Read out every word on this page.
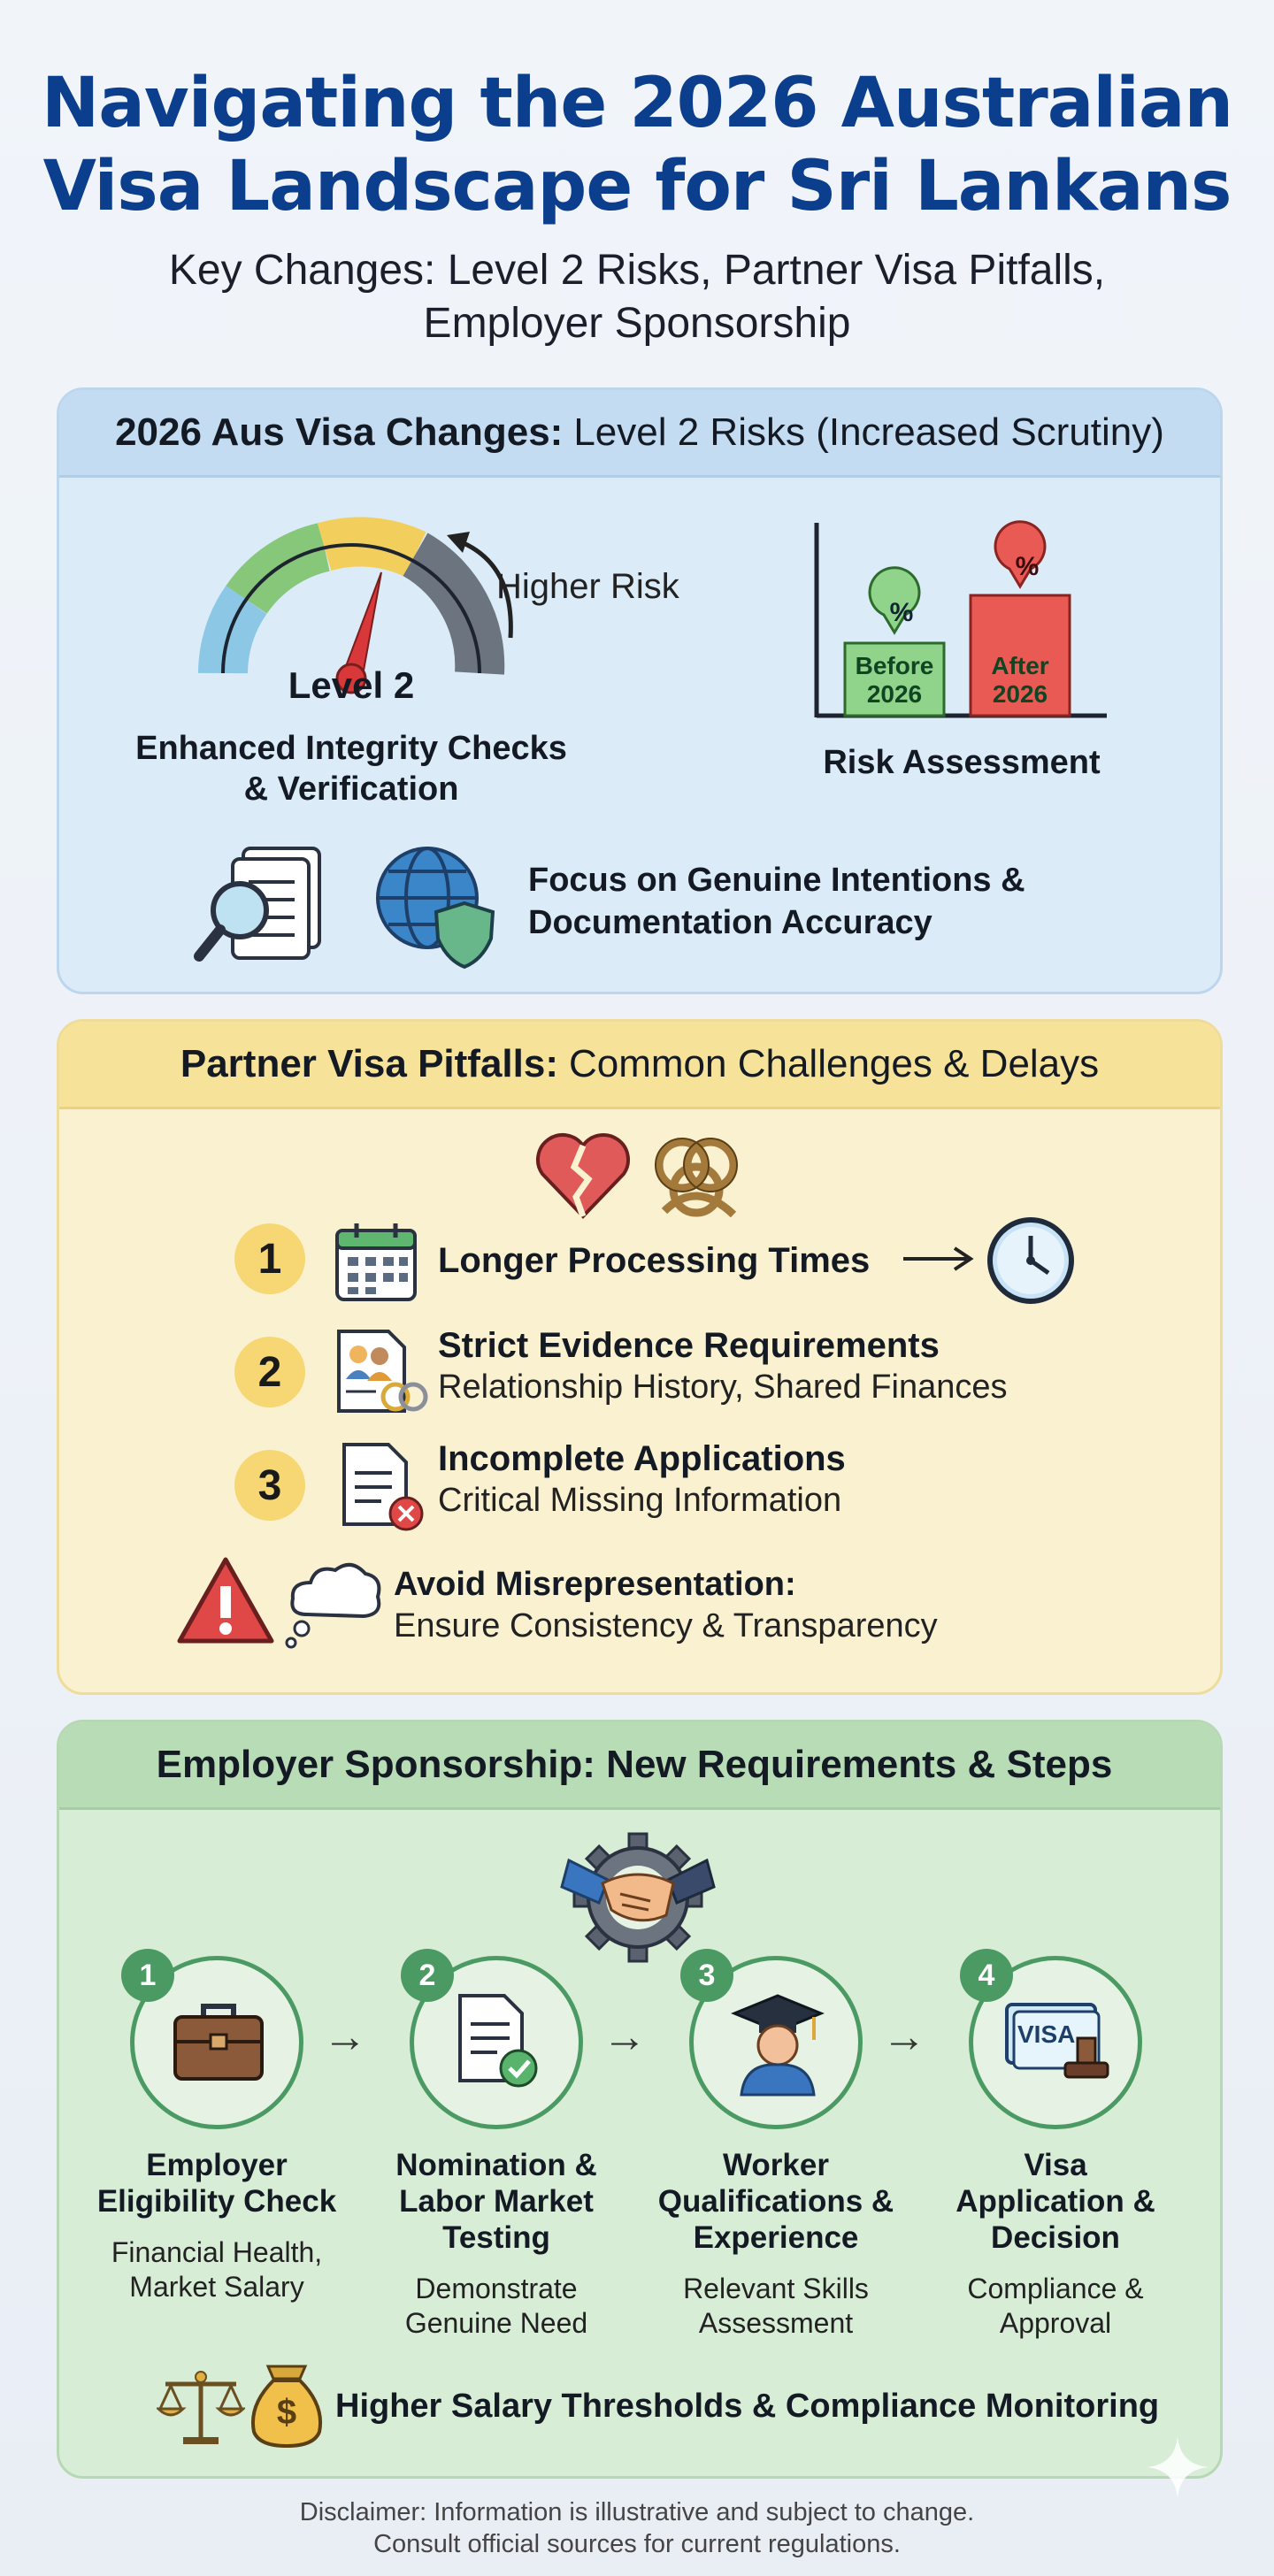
Navigating the 2026 Australian
Visa Landscape for Sri Lankans
Key Changes: Level 2 Risks, Partner Visa Pitfalls,
Employer Sponsorship
2026 Aus Visa Changes: Level 2 Risks (Increased Scrutiny)
Higher Risk
Level 2
Enhanced Integrity Checks
& Verification
%
%
Before
2026
After
2026
Risk Assessment
Focus on Genuine Intentions &
Documentation Accuracy
Partner Visa Pitfalls: Common Challenges & Delays
1	Longer Processing Times
2
Strict Evidence Requirements
Relationship History, Shared Finances
3
Incomplete Applications
Critical Missing Information
Avoid Misrepresentation:
Ensure Consistency & Transparency
Employer Sponsorship: New Requirements & Steps
1	2	3
VISA
4
→	→	→
Employer
Eligibility Check
Financial Health,
Market Salary
Nomination &
Labor Market
Testing
Demonstrate
Genuine Need
Worker
Qualifications &
Experience
Relevant Skills
Assessment
Visa
Application &
Decision
Compliance &
Approval
$	Higher Salary Thresholds & Compliance Monitoring
Disclaimer: Information is illustrative and subject to change.
Consult official sources for current regulations.
